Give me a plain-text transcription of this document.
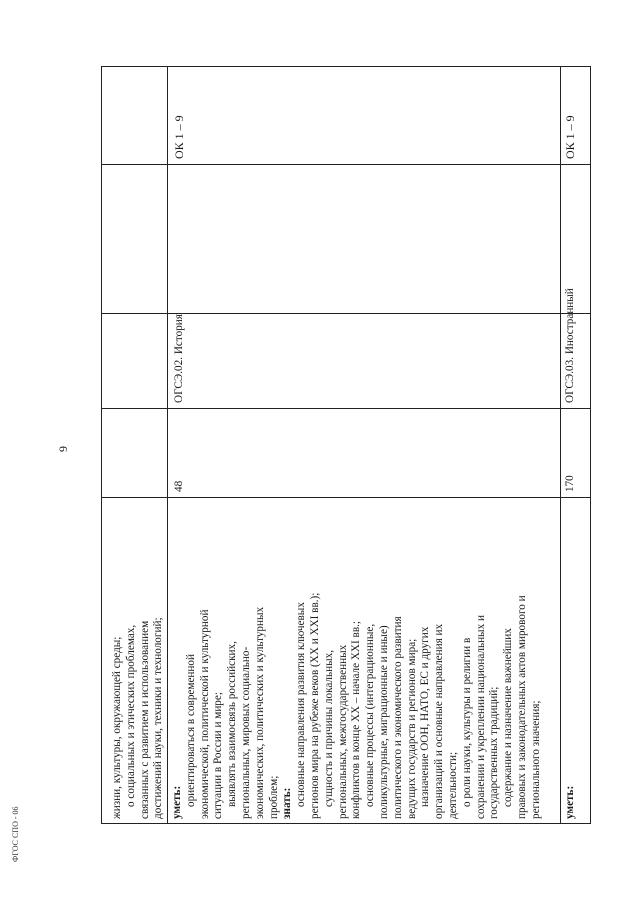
9
ФГОС СПО - 06
жизни, культуры, окружающей среды; о социальных и этических проблемах, связанных с развитием и использованием достижений науки, техники и технологий; уметь: ориентироваться в современной экономической, политической и культурной ситуации в России и мире; выявлять взаимосвязь российских, региональных, мировых социально- экономических, политических и культурных проблем; знать: основные направления развития ключевых регионов мира на рубеже веков (XX и XXI вв.); сущность и причины локальных, региональных, межгосударственных конфликтов в конце XX – начале XXI вв.; основные процессы (интеграционные, поликультурные, миграционные и иные) политического и экономического развития ведущих государств и регионов мира; назначение ООН, НАТО, ЕС и других организаций и основные направления их деятельности; о роли науки, культуры и религии в сохранении и укреплении национальных и государственных традиций; содержание и назначение важнейших правовых и законодательных актов мирового и регионального значения;
48
ОГСЭ.02. История
ОК 1 – 9
уметь:
170
ОГСЭ.03. Иностранный
ОК 1 – 9
